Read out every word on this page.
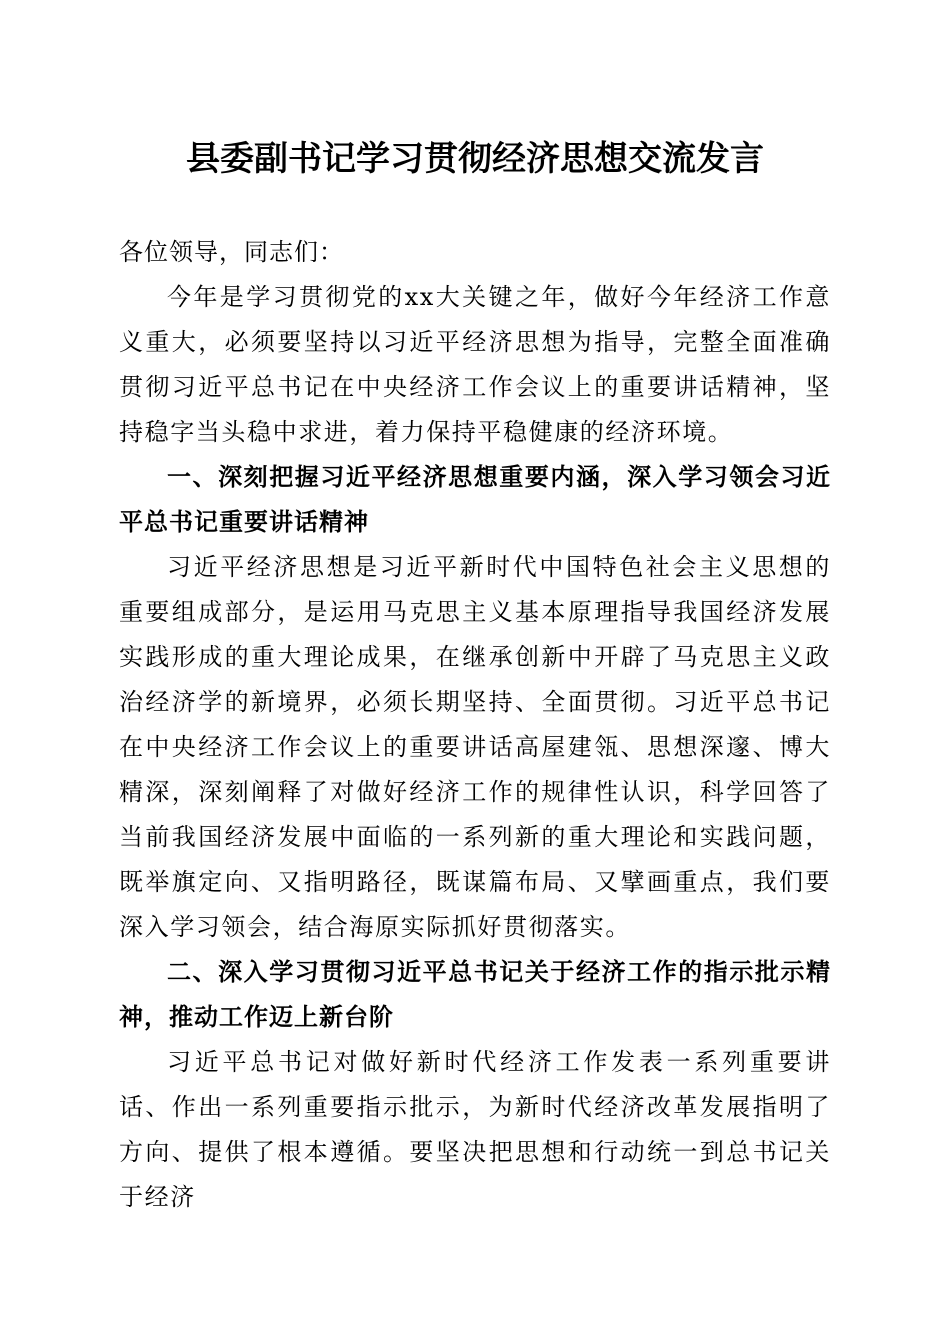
县委副书记学习贯彻经济思想交流发言

各位领导，同志们：

今年是学习贯彻党的xx大关键之年，做好今年经济工作意义重大，必须要坚持以习近平经济思想为指导，完整全面准确贯彻习近平总书记在中央经济工作会议上的重要讲话精神，坚持稳字当头稳中求进，着力保持平稳健康的经济环境。

一、深刻把握习近平经济思想重要内涵，深入学习领会习近平总书记重要讲话精神

习近平经济思想是习近平新时代中国特色社会主义思想的重要组成部分，是运用马克思主义基本原理指导我国经济发展实践形成的重大理论成果，在继承创新中开辟了马克思主义政治经济学的新境界，必须长期坚持、全面贯彻。习近平总书记在中央经济工作会议上的重要讲话高屋建瓴、思想深邃、博大精深，深刻阐释了对做好经济工作的规律性认识，科学回答了当前我国经济发展中面临的一系列新的重大理论和实践问题，既举旗定向、又指明路径，既谋篇布局、又擘画重点，我们要深入学习领会，结合海原实际抓好贯彻落实。

二、深入学习贯彻习近平总书记关于经济工作的指示批示精神，推动工作迈上新台阶

习近平总书记对做好新时代经济工作发表一系列重要讲话、作出一系列重要指示批示，为新时代经济改革发展指明了方向、提供了根本遵循。要坚决把思想和行动统一到总书记关于经济
